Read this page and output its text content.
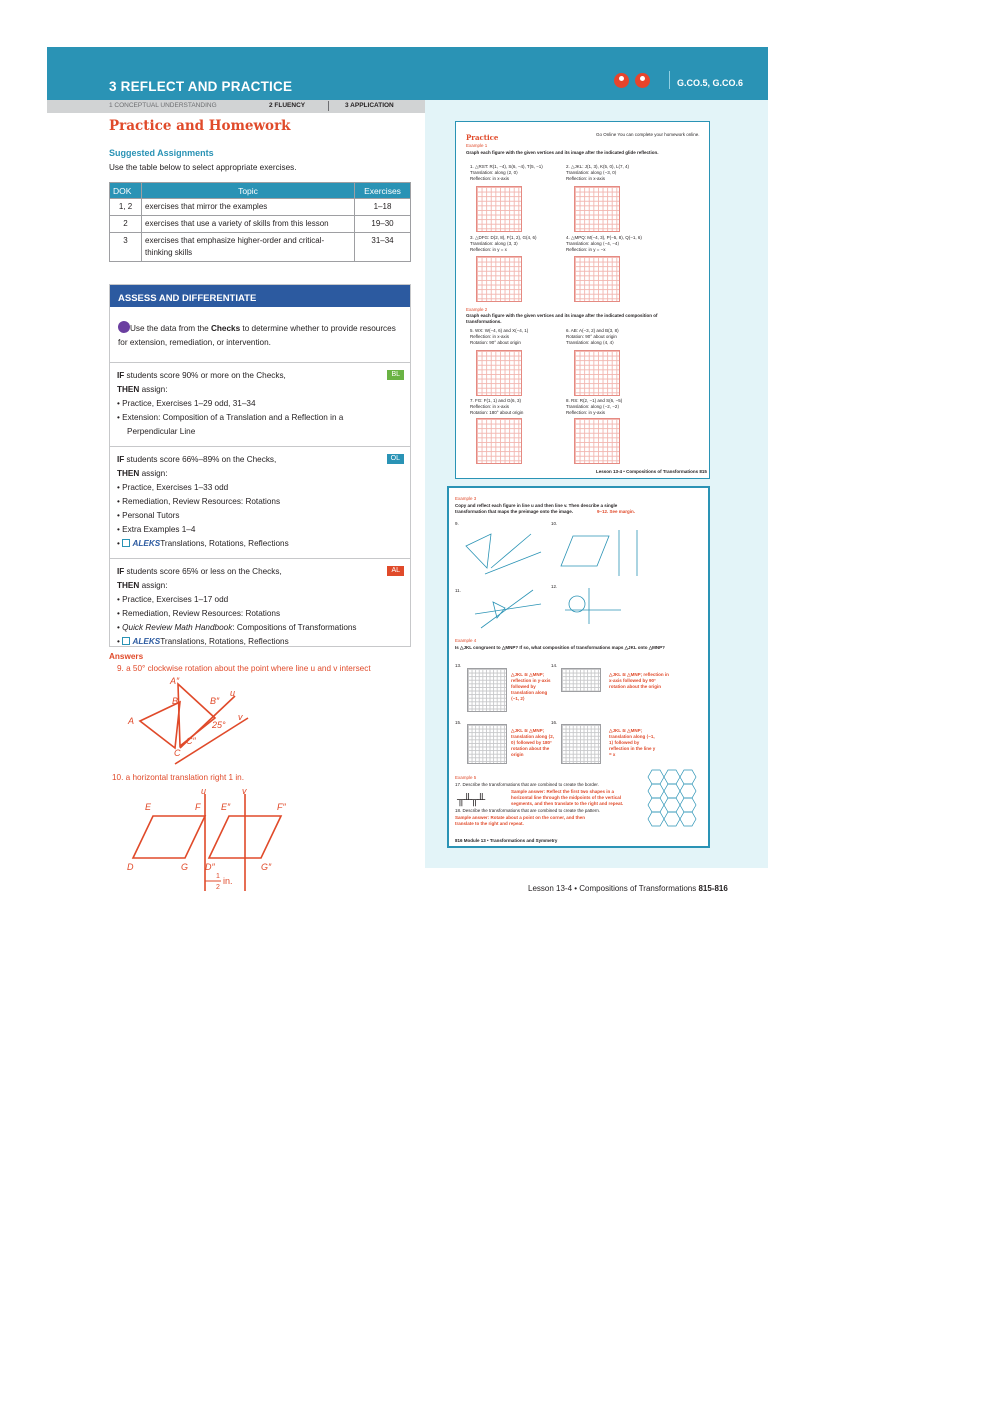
3 REFLECT AND PRACTICE	G.CO.5, G.CO.6
1 CONCEPTUAL UNDERSTANDING	2 FLUENCY	3 APPLICATION
Practice and Homework
Suggested Assignments
Use the table below to select appropriate exercises.
DOK	Topic	Exercises
1, 2	exercises that mirror the examples	1–18
2	exercises that use a variety of skills from this lesson	19–30
3	exercises that emphasize higher-order and critical-thinking skills	31–34
ASSESS AND DIFFERENTIATE
Use the data from the Checks to determine whether to provide resources for extension, remediation, or intervention.
BL
IF students score 90% or more on the Checks,
THEN assign:
• Practice, Exercises 1–29 odd, 31–34
• Extension: Composition of a Translation and a Reflection in a
Perpendicular Line
OL
IF students score 66%–89% on the Checks,
THEN assign:
• Practice, Exercises 1–33 odd
• Remediation, Review Resources: Rotations
• Personal Tutors
• Extra Examples 1–4
•  ALEKSTranslations, Rotations, Reflections
AL
IF students score 65% or less on the Checks,
THEN assign:
• Practice, Exercises 1–17 odd
• Remediation, Review Resources: Rotations
• Quick Review Math Handbook: Compositions of Transformations
•  ALEKSTranslations, Rotations, Reflections
Answers
9. a 50° clockwise rotation about the point where line u and v intersect
A″
B	B″
u
v
A	25°
C″
C
10. a horizontal translation right 1 in.
u	v
E	F E″	F″
D	G D″	G″
1
2
in.
Practice	Go Online You can complete your homework online.
Example 1
Graph each figure with the given vertices and its image after the indicated glide reflection.
1. △RST: R(1, −4), S(6, −4), T(5, −1)
Translation: along ⟨2, 0⟩
Reflection: in x-axis
2. △JKL: J(1, 3), K(5, 0), L(7, 4)
Translation: along ⟨−3, 0⟩
Reflection: in x-axis
3. △DFG: D(2, 8), F(1, 2), G(4, 6)
Translation: along ⟨3, 3⟩
Reflection: in y = x
4. △MPQ: M(−4, 3), P(−5, 8), Q(−1, 6)
Translation: along ⟨−4, −4⟩
Reflection: in y = −x
Example 2
Graph each figure with the given vertices and its image after the indicated composition of transformations.
5. WX: W(−4, 6) and X(−4, 1)
Reflection: in x-axis
Rotation: 90° about origin
6. AB: A(−3, 2) and B(3, 8)
Rotation: 90° about origin
Translation: along ⟨4, 4⟩
7. FG: F(1, 1) and G(6, 3)
Reflection: in x-axis
Rotation: 180° about origin
8. RS: R(2, −1) and S(6, −5)
Translation: along ⟨−2, −2⟩
Reflection: in y-axis
Lesson 13-4 • Compositions of Transformations 815
Example 3
Copy and reflect each figure in line u and then line v. Then describe a single transformation that maps the preimage onto the image.	9–12. See margin.
9.	10.
11.
12.
Example 4
Is △JKL congruent to △MNP? If so, what composition of transformations maps △JKL onto △MNP?
13.	14.
△JKL ≅ △MNP; reflection in y-axis followed by translation along ⟨−1, 2⟩
△JKL ≅ △MNP; reflection in x-axis followed by 90° rotation about the origin
15.	16.
△JKL ≅ △MNP; translation along ⟨2, 0⟩ followed by 180° rotation about the origin
△JKL ≅ △MNP; translation along ⟨−1, 1⟩ followed by reflection in the line y = x
Example 5
17. Describe the transformations that are combined to create the border.
Sample answer: Reflect the first two shapes in a horizontal line through the midpoints of the vertical segments, and then translate to the right and repeat.
╥╨╥╨
18. Describe the transformations that are combined to create the pattern.
Sample answer: Rotate about a point on the corner, and then translate to the right and repeat.
816 Module 13 • Transformations and Symmetry
Lesson 13-4 • Compositions of Transformations 815-816
